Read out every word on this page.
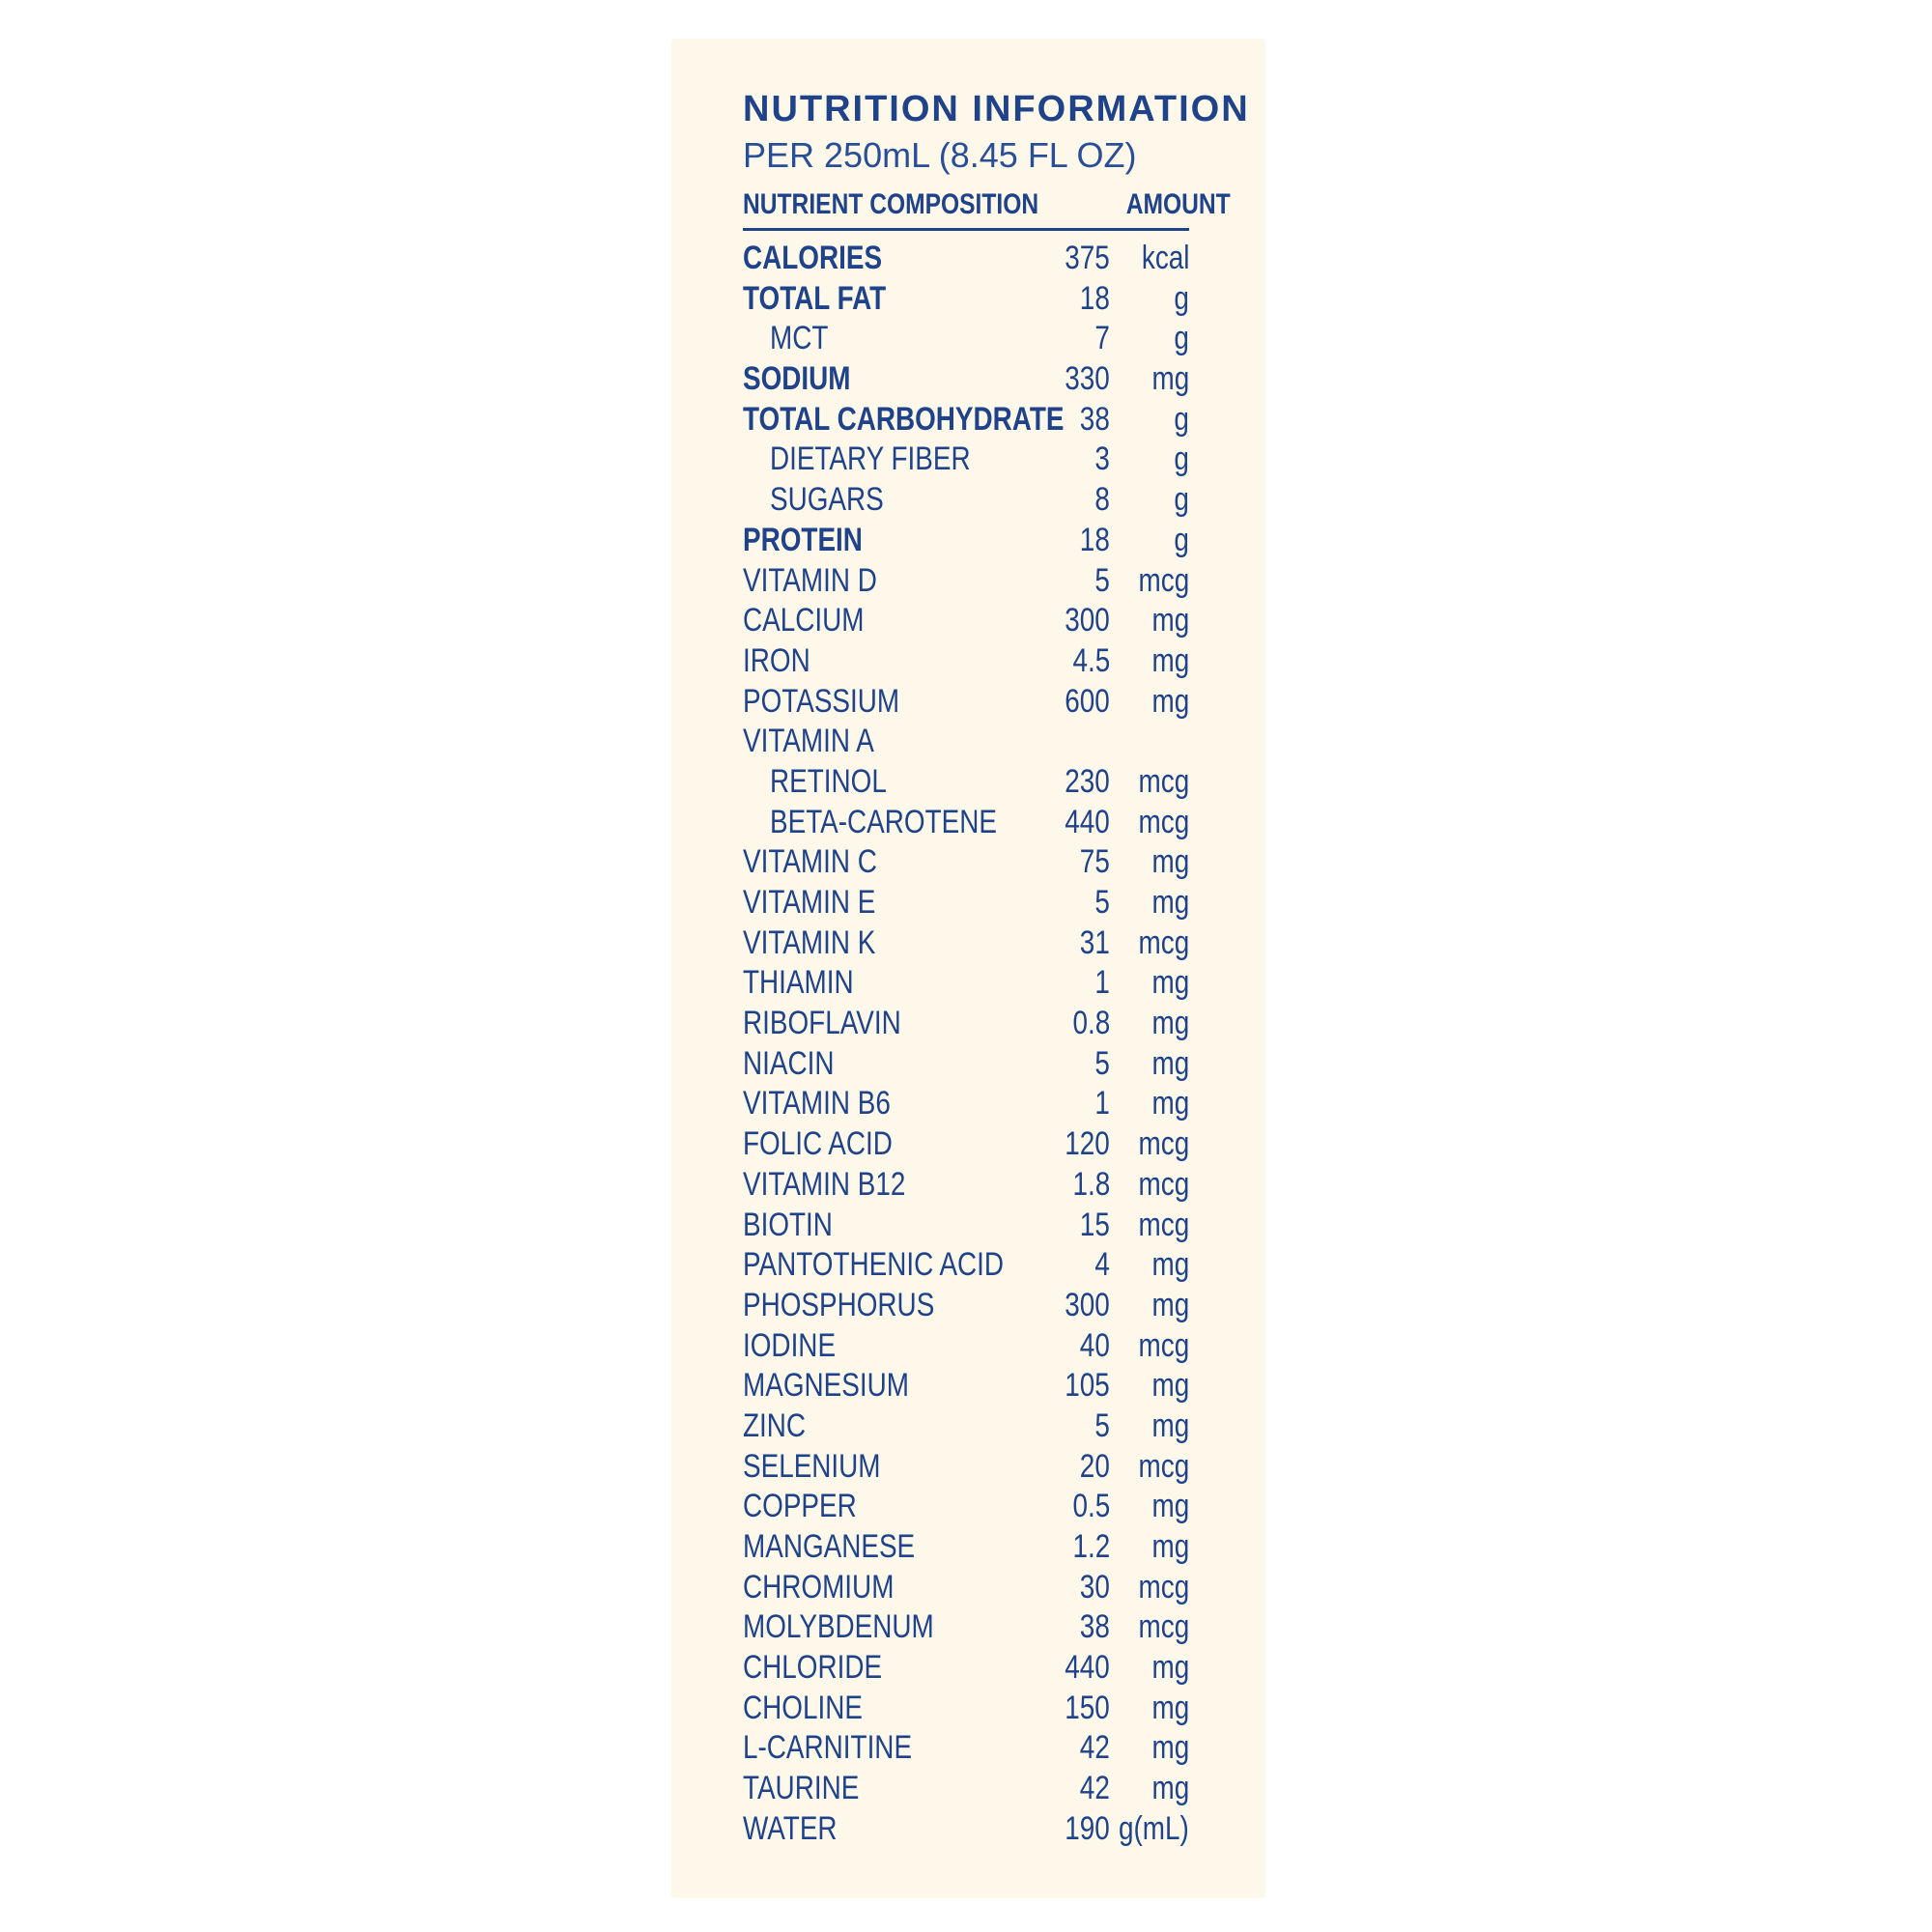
NUTRITION INFORMATION
PER 250mL (8.45 FL OZ)
NUTRIENT COMPOSITION	AMOUNT
CALORIES	375 kcal
TOTAL FAT	18 g
MCT	7 g
SODIUM	330 mg
TOTAL CARBOHYDRATE 38 g
DIETARY FIBER	3 g
SUGARS	8 g
PROTEIN	18 g
VITAMIN D	5 mcg
CALCIUM	300 mg
IRON	4.5 mg
POTASSIUM	600 mg
VITAMIN A
RETINOL	230 mcg
BETA-CAROTENE 440 mcg
VITAMIN C	75 mg
VITAMIN E	5 mg
VITAMIN K	31 mcg
THIAMIN	1 mg
RIBOFLAVIN	0.8 mg
NIACIN	5 mg
VITAMIN B6	1 mg
FOLIC ACID	120 mcg
VITAMIN B12	1.8 mcg
BIOTIN	15 mcg
PANTOTHENIC ACID	4 mg
PHOSPHORUS	300 mg
IODINE	40 mcg
MAGNESIUM	105 mg
ZINC	5 mg
SELENIUM	20 mcg
COPPER	0.5 mg
MANGANESE	1.2 mg
CHROMIUM	30 mcg
MOLYBDENUM	38 mcg
CHLORIDE	440 mg
CHOLINE	150 mg
L-CARNITINE	42 mg
TAURINE	42 mg
WATER	190 g(mL)
